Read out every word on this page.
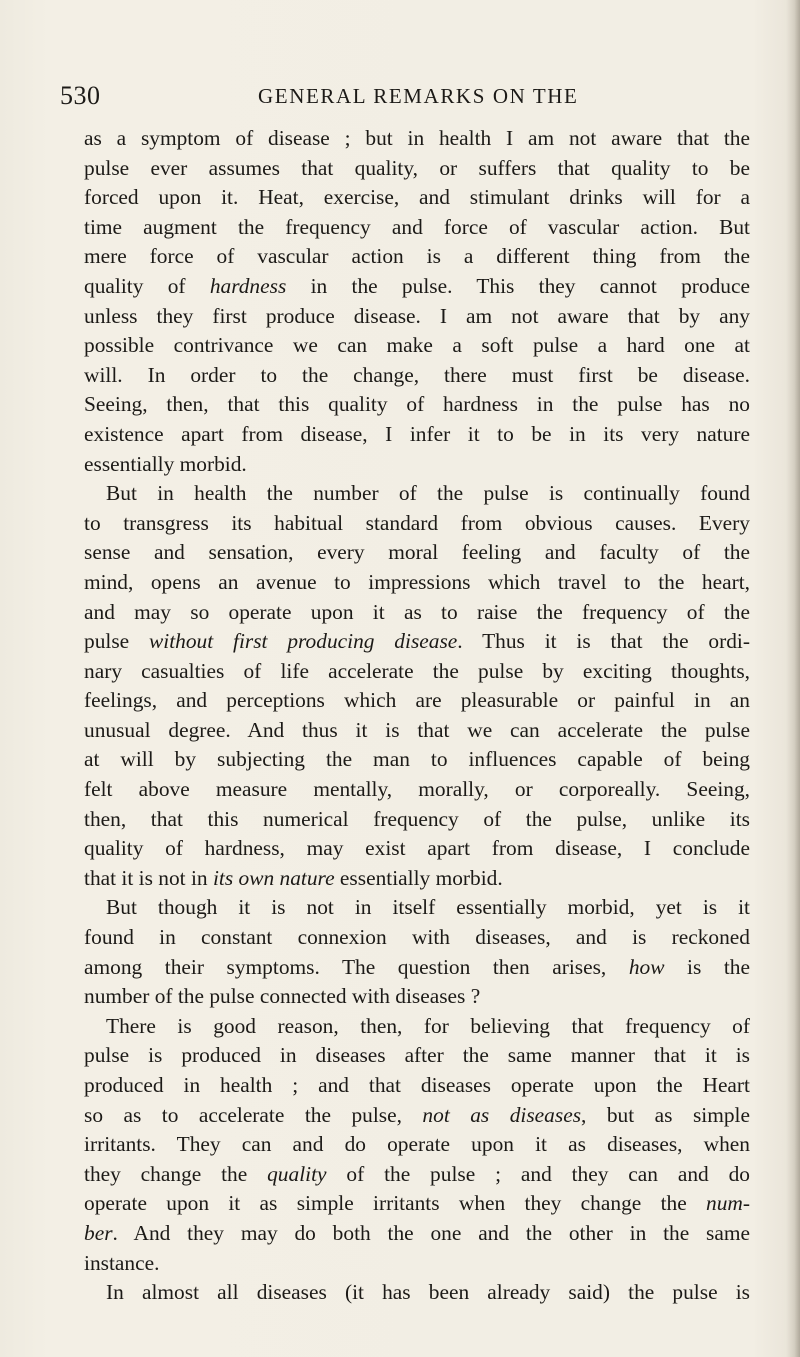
530	GENERAL REMARKS ON THE
as a symptom of disease ; but in health I am not aware that the
pulse ever assumes that quality, or suffers that quality to be
forced upon it. Heat, exercise, and stimulant drinks will for a
time augment the frequency and force of vascular action. But
mere force of vascular action is a different thing from the
quality of hardness in the pulse. This they cannot produce
unless they first produce disease. I am not aware that by any
possible contrivance we can make a soft pulse a hard one at
will. In order to the change, there must first be disease.
Seeing, then, that this quality of hardness in the pulse has no
existence apart from disease, I infer it to be in its very nature
essentially morbid.
But in health the number of the pulse is continually found
to transgress its habitual standard from obvious causes. Every
sense and sensation, every moral feeling and faculty of the
mind, opens an avenue to impressions which travel to the heart,
and may so operate upon it as to raise the frequency of the
pulse without first producing disease. Thus it is that the ordi-
nary casualties of life accelerate the pulse by exciting thoughts,
feelings, and perceptions which are pleasurable or painful in an
unusual degree. And thus it is that we can accelerate the pulse
at will by subjecting the man to influences capable of being
felt above measure mentally, morally, or corporeally. Seeing,
then, that this numerical frequency of the pulse, unlike its
quality of hardness, may exist apart from disease, I conclude
that it is not in its own nature essentially morbid.
But though it is not in itself essentially morbid, yet is it
found in constant connexion with diseases, and is reckoned
among their symptoms. The question then arises, how is the
number of the pulse connected with diseases ?
There is good reason, then, for believing that frequency of
pulse is produced in diseases after the same manner that it is
produced in health ; and that diseases operate upon the Heart
so as to accelerate the pulse, not as diseases, but as simple
irritants. They can and do operate upon it as diseases, when
they change the quality of the pulse ; and they can and do
operate upon it as simple irritants when they change the num-
ber. And they may do both the one and the other in the same
instance.
In almost all diseases (it has been already said) the pulse is
